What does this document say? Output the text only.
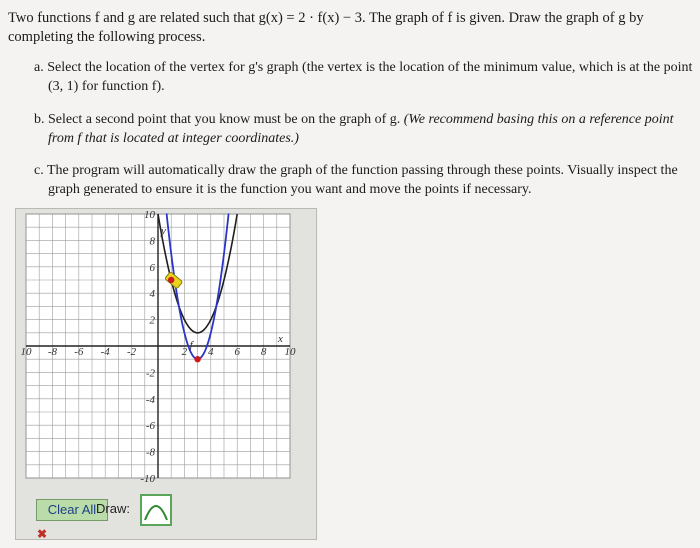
Two functions f and g are related such that g(x) = 2 · f(x) − 3. The graph of f is given. Draw the graph of g by
completing the following process.
a. Select the location of the vertex for g's graph (the vertex is the location of the minimum value, which is at the point (3, 1) for function f).
b. Select a second point that you know must be on the graph of g. (We recommend basing this on a reference point from f that is located at integer coordinates.)
c. The program will automatically draw the graph of the function passing through these points. Visually inspect the graph generated to ensure it is the function you want and move the points if necessary.
10 -8 -6 -4 -2	2 4 6 8 10
10
8
6
4
2
-2
-4
-6
-8
-10
x
y
f
Clear All Draw:
✖
